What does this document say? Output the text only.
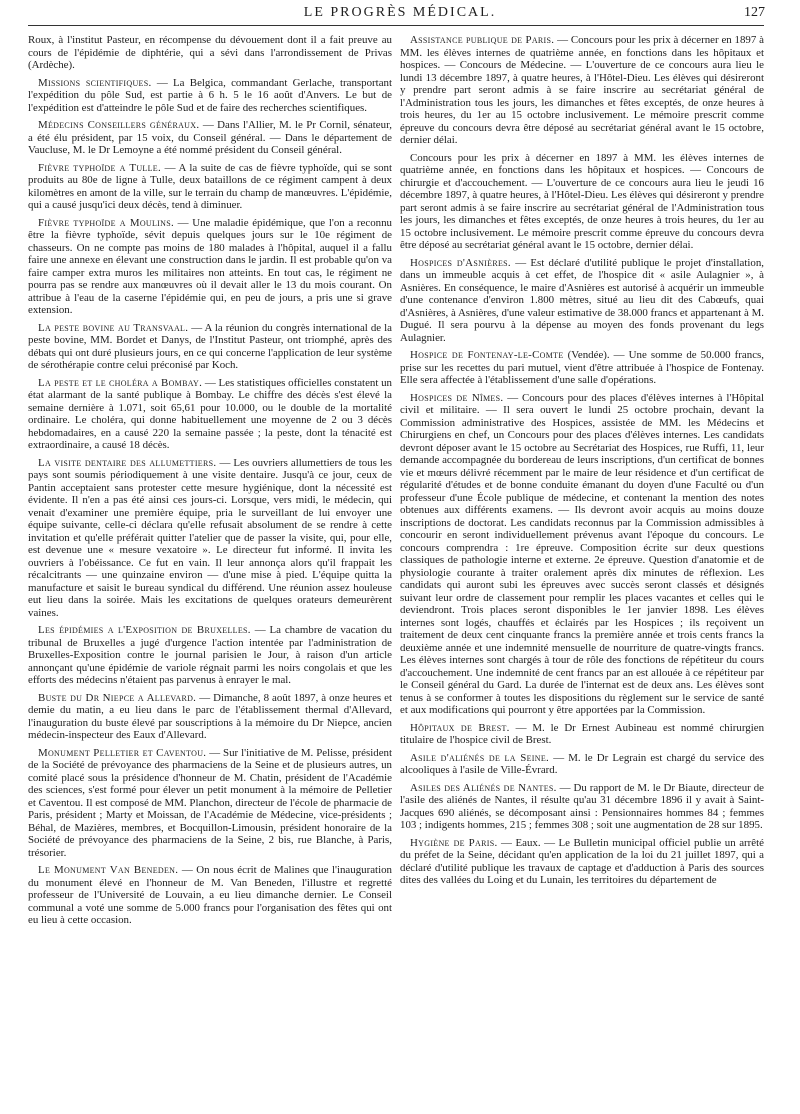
LE PROGRÈS MÉDICAL.	127

Roux, à l'institut Pasteur, en récompense du dévouement dont il a fait preuve au cours de l'épidémie de diphtérie, qui a sévi dans l'arrondissement de Privas (Ardèche).

Missions scientifiques. — La Belgica, commandant Gerlache, transportant l'expédition du pôle Sud, est partie à 6 h. 5 le 16 août d'Anvers. Le but de l'expédition est d'atteindre le pôle Sud et de faire des recherches scientifiques.

Médecins Conseillers généraux. — Dans l'Allier, M. le Pr Cornil, sénateur, a été élu président, par 15 voix, du Conseil général. — Dans le département de Vaucluse, M. le Dr Lemoyne a été nommé président du Conseil général.

Fièvre typhoïde a Tulle. — A la suite de cas de fièvre typhoïde, qui se sont produits au 80e de ligne à Tulle, deux bataillons de ce régiment campent à deux kilomètres en amont de la ville, sur le terrain du champ de manœuvres. L'épidémie, qui a causé jusqu'ici deux décès, tend à diminuer.

Fièvre typhoïde a Moulins. — Une maladie épidémique, que l'on a reconnu être la fièvre typhoïde, sévit depuis quelques jours sur le 10e régiment de chasseurs. On ne compte pas moins de 180 malades à l'hôpital, auquel il a fallu faire une annexe en élevant une construction dans le jardin. Il est probable qu'on va faire camper extra muros les militaires non atteints. En tout cas, le régiment ne pourra pas se rendre aux manœuvres où il devait aller le 13 du mois courant. On attribue à l'eau de la caserne l'épidémie qui, en peu de jours, a pris une si grave extension.

La peste bovine au Transvaal. — A la réunion du congrès international de la peste bovine, MM. Bordet et Danys, de l'Institut Pasteur, ont triomphé, après des débats qui ont duré plusieurs jours, en ce qui concerne l'application de leur système de sérothérapie contre celui préconisé par Koch.

La peste et le choléra a Bombay. — Les statistiques officielles constatent un état alarmant de la santé publique à Bombay. Le chiffre des décès s'est élevé la semaine dernière à 1.071, soit 65,61 pour 10.000, ou le double de la mortalité ordinaire. Le choléra, qui donne habituellement une moyenne de 2 ou 3 décès hebdomadaires, en a causé 220 la semaine passée ; la peste, dont la ténacité est extraordinaire, a causé 18 décès.

La visite dentaire des allumettiers. — Les ouvriers allumettiers de tous les pays sont soumis périodiquement à une visite dentaire. Jusqu'à ce jour, ceux de Pantin acceptaient sans protester cette mesure hygiénique, dont la nécessité est évidente. Il n'en a pas été ainsi ces jours-ci. Lorsque, vers midi, le médecin, qui venait d'examiner une première équipe, pria le surveillant de lui envoyer une équipe suivante, celle-ci déclara qu'elle refusait absolument de se rendre à cette invitation et qu'elle préférait quitter l'atelier que de passer la visite, qui, pour elle, est devenue une « mesure vexatoire ». Le directeur fut informé. Il invita les ouvriers à l'obéissance. Ce fut en vain. Il leur annonça alors qu'il frappait les récalcitrants — une quinzaine environ — d'une mise à pied. L'équipe quitta la manufacture et saisit le bureau syndical du différend. Une réunion assez houleuse eut lieu dans la soirée. Mais les excitations de quelques orateurs demeurèrent vaines.

Les épidémies a l'Exposition de Bruxelles. — La chambre de vacation du tribunal de Bruxelles a jugé d'urgence l'action intentée par l'administration de Bruxelles-Exposition contre le journal parisien le Jour, à raison d'un article annonçant qu'une épidémie de variole régnait parmi les noirs congolais et que les efforts des médecins n'étaient pas parvenus à enrayer le mal.

Buste du Dr Niepce a Allevard. — Dimanche, 8 août 1897, à onze heures et demie du matin, a eu lieu dans le parc de l'établissement thermal d'Allevard, l'inauguration du buste élevé par souscriptions à la mémoire du Dr Niepce, ancien médecin-inspecteur des Eaux d'Allevard.

Monument Pelletier et Caventou. — Sur l'initiative de M. Pelisse, président de la Société de prévoyance des pharmaciens de la Seine et de plusieurs autres, un comité placé sous la présidence d'honneur de M. Chatin, président de l'Académie des sciences, s'est formé pour élever un petit monument à la mémoire de Pelletier et Caventou. Il est composé de MM. Planchon, directeur de l'école de pharmacie de Paris, président ; Marty et Moissan, de l'Académie de Médecine, vice-présidents ; Béhal, de Mazières, membres, et Bocquillon-Limousin, président honoraire de la Société de prévoyance des pharmaciens de la Seine, 2 bis, rue Blanche, à Paris, trésorier.

Le Monument Van Beneden. — On nous écrit de Malines que l'inauguration du monument élevé en l'honneur de M. Van Beneden, l'illustre et regretté professeur de l'Université de Louvain, a eu lieu dimanche dernier. Le Conseil communal a voté une somme de 5.000 francs pour l'organisation des fêtes qui ont eu lieu à cette occasion.

Assistance publique de Paris. — Concours pour les prix à décerner en 1897 à MM. les élèves internes de quatrième année, en fonctions dans les hôpitaux et hospices. — Concours de Médecine. — L'ouverture de ce concours aura lieu le lundi 13 décembre 1897, à quatre heures, à l'Hôtel-Dieu. Les élèves qui désireront y prendre part seront admis à se faire inscrire au secrétariat général de l'Administration tous les jours, les dimanches et fêtes exceptés, de onze heures à trois heures, du 1er au 15 octobre inclusivement. Le mémoire prescrit comme épreuve du concours devra être déposé au secrétariat général avant le 15 octobre, dernier délai.

Concours pour les prix à décerner en 1897 à MM. les élèves internes de quatrième année, en fonctions dans les hôpitaux et hospices. — Concours de chirurgie et d'accouchement. — L'ouverture de ce concours aura lieu le jeudi 16 décembre 1897, à quatre heures, à l'Hôtel-Dieu. Les élèves qui désireront y prendre part seront admis à se faire inscrire au secrétariat général de l'Administration tous les jours, les dimanches et fêtes exceptés, de onze heures à trois heures, du 1er au 15 octobre inclusivement. Le mémoire prescrit comme épreuve du concours devra être déposé au secrétariat général avant le 15 octobre, dernier délai.

Hospices d'Asnières. — Est déclaré d'utilité publique le projet d'installation, dans un immeuble acquis à cet effet, de l'hospice dit « asile Aulagnier », à Asnières. En conséquence, le maire d'Asnières est autorisé à acquérir un immeuble d'une contenance d'environ 1.800 mètres, situé au lieu dit des Cabœufs, quai d'Asnières, à Asnières, d'une valeur estimative de 38.000 francs et appartenant à M. Dugué. Il sera pourvu à la dépense au moyen des fonds provenant du legs Aulagnier.

Hospice de Fontenay-le-Comte (Vendée). — Une somme de 50.000 francs, prise sur les recettes du pari mutuel, vient d'être attribuée à l'hospice de Fontenay. Elle sera affectée à l'établissement d'une salle d'opérations.

Hospices de Nîmes. — Concours pour des places d'élèves internes à l'Hôpital civil et militaire. — Il sera ouvert le lundi 25 octobre prochain, devant la Commission administrative des Hospices, assistée de MM. les Médecins et Chirurgiens en chef, un Concours pour des places d'élèves internes. Les candidats devront déposer avant le 15 octobre au Secrétariat des Hospices, rue Ruffi, 11, leur demande accompagnée du bordereau de leurs inscriptions, d'un certificat de bonnes vie et mœurs délivré récemment par le maire de leur résidence et d'un certificat de régularité d'études et de bonne conduite émanant du doyen d'une Faculté ou d'un professeur d'une École publique de médecine, et contenant la mention des notes obtenues aux différents examens. — Ils devront avoir acquis au moins douze inscriptions de doctorat. Les candidats reconnus par la Commission admissibles à concourir en seront individuellement prévenus avant l'époque du concours. Le concours comprendra : 1re épreuve. Composition écrite sur deux questions classiques de pathologie interne et externe. 2e épreuve. Question d'anatomie et de physiologie courante à traiter oralement après dix minutes de réflexion. Les candidats qui auront subi les épreuves avec succès seront classés et désignés suivant leur ordre de classement pour remplir les places vacantes et celles qui le deviendront. Trois places seront disponibles le 1er janvier 1898. Les élèves internes sont logés, chauffés et éclairés par les Hospices ; ils reçoivent un traitement de deux cent cinquante francs la première année et trois cents francs la deuxième année et une indemnité mensuelle de nourriture de quatre-vingts francs. Les élèves internes sont chargés à tour de rôle des fonctions de répétiteur du cours d'accouchement. Une indemnité de cent francs par an est allouée à ce répétiteur par le Conseil général du Gard. La durée de l'internat est de deux ans. Les élèves sont tenus à se conformer à toutes les dispositions du règlement sur le service de santé et aux modifications qui pourront y être apportées par la Commission.

Hôpitaux de Brest. — M. le Dr Ernest Aubineau est nommé chirurgien titulaire de l'hospice civil de Brest.

Asile d'aliénés de la Seine. — M. le Dr Legrain est chargé du service des alcooliques à l'asile de Ville-Évrard.

Asiles des Aliénés de Nantes. — Du rapport de M. le Dr Biaute, directeur de l'asile des aliénés de Nantes, il résulte qu'au 31 décembre 1896 il y avait à Saint-Jacques 690 aliénés, se décomposant ainsi : Pensionnaires hommes 84 ; femmes 103 ; indigents hommes, 215 ; femmes 308 ; soit une augmentation de 28 sur 1895.

Hygiène de Paris. — Eaux. — Le Bulletin municipal officiel publie un arrêté du préfet de la Seine, décidant qu'en application de la loi du 21 juillet 1897, qui a déclaré d'utilité publique les travaux de captage et d'adduction à Paris des sources dites des vallées du Loing et du Lunain, les territoires du département de
